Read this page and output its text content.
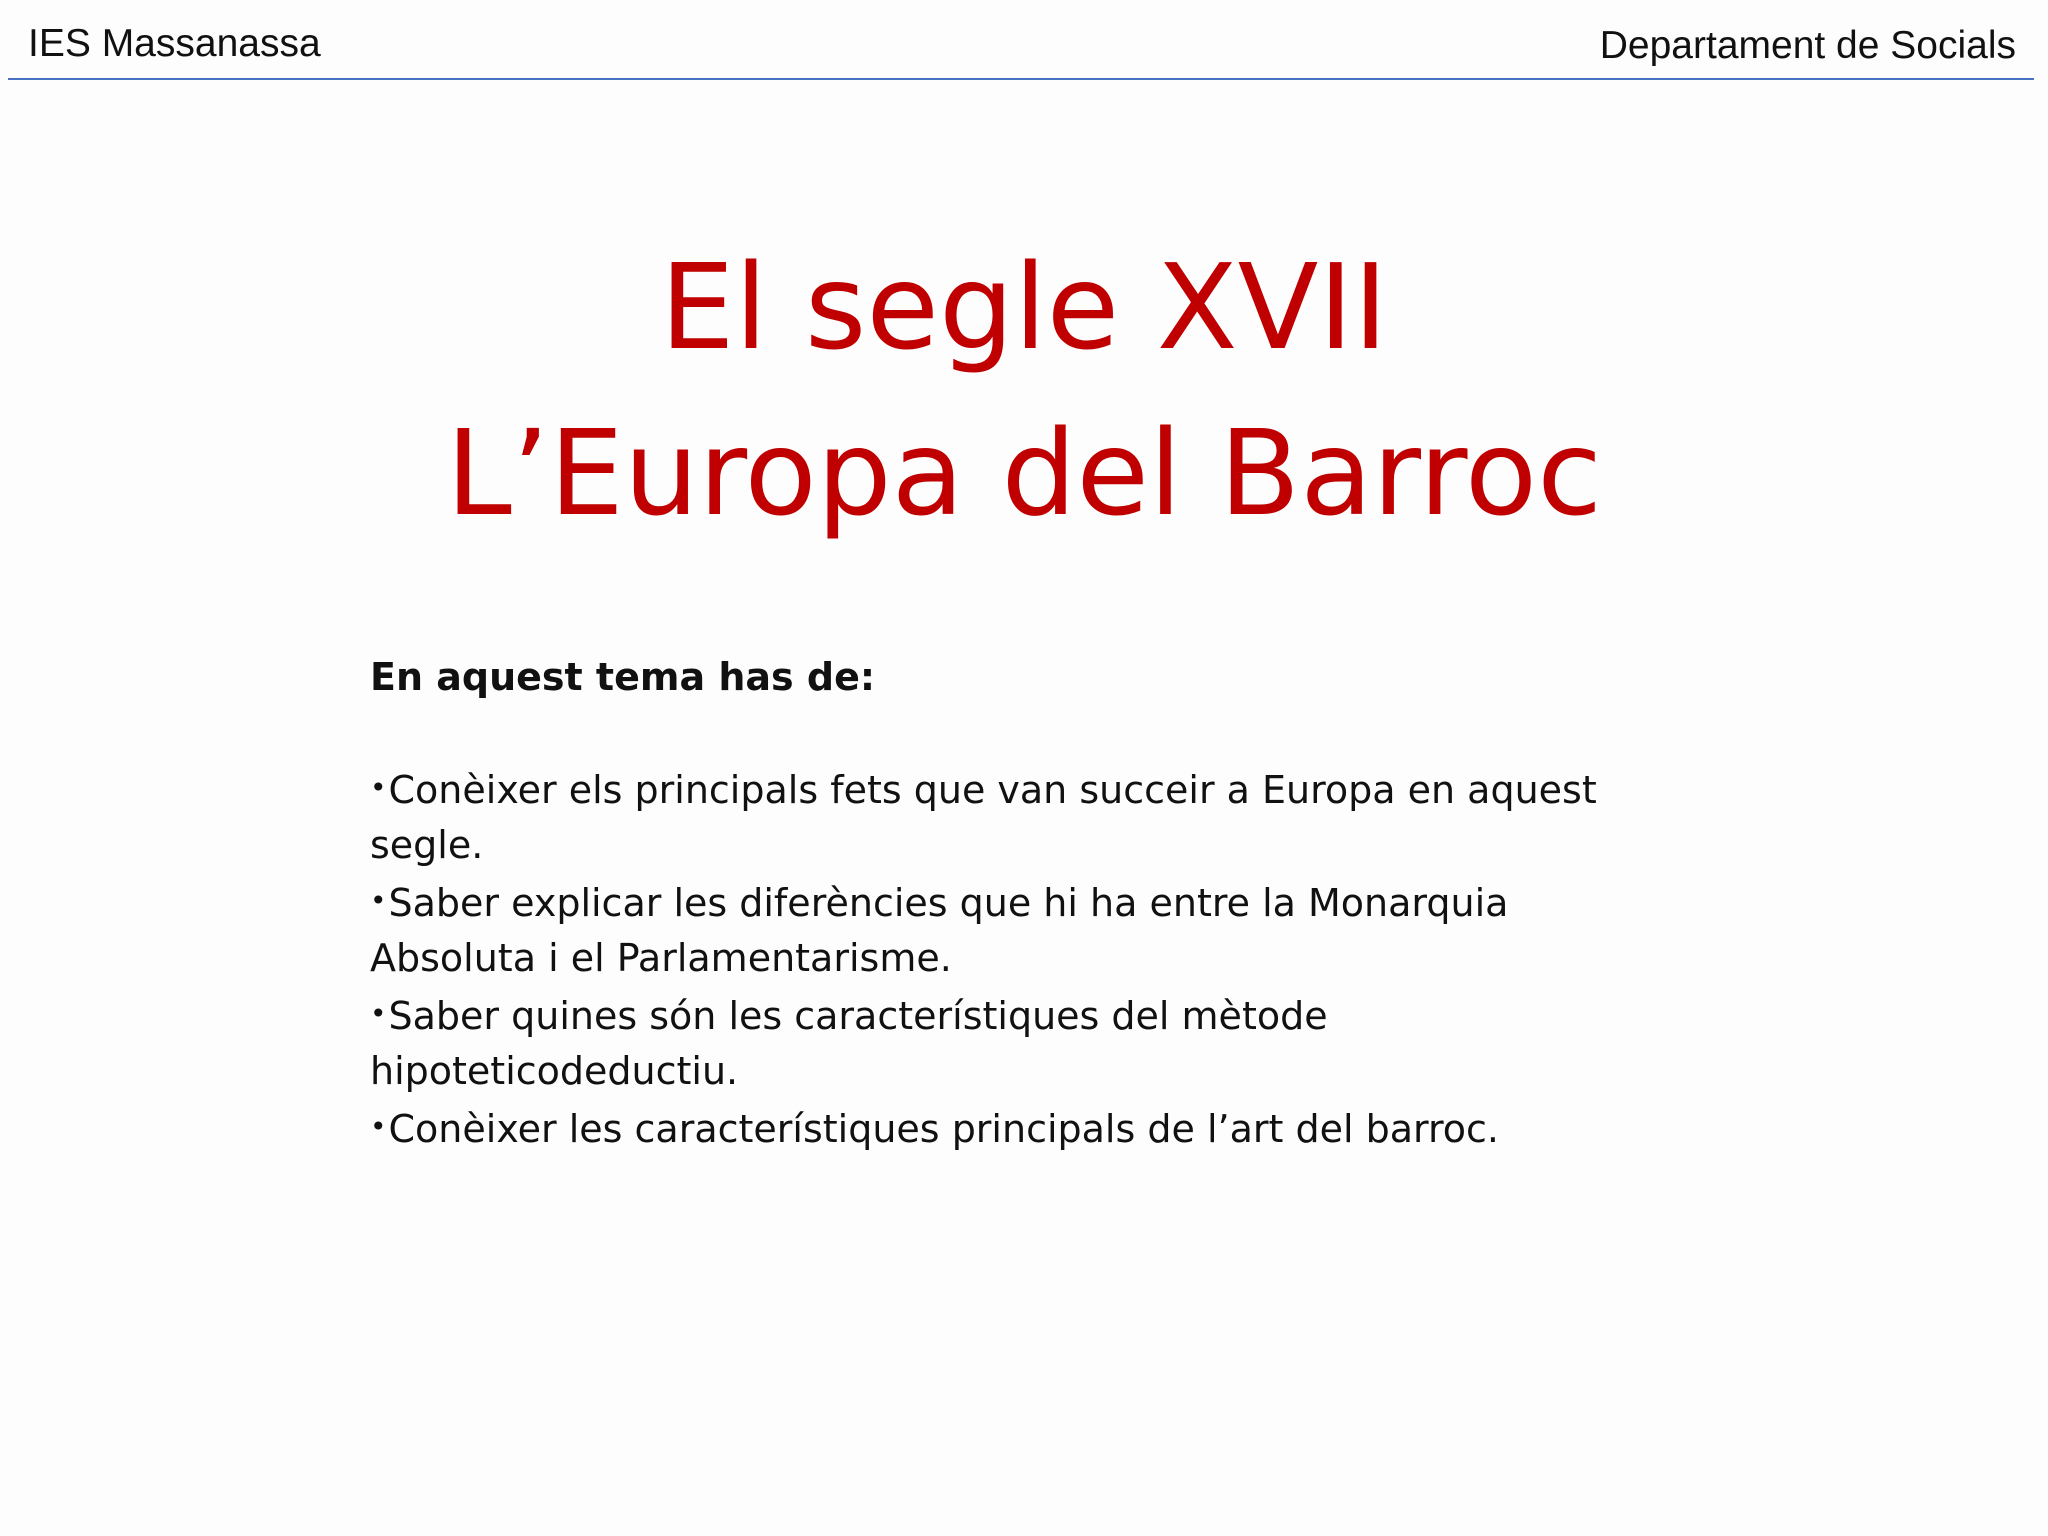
IES Massanassa	Departament de Socials
El segle XVII
L’Europa del Barroc

En aquest tema has de:

•Conèixer els principals fets que van succeir a Europa en aquest segle.
•Saber explicar les diferències que hi ha entre la Monarquia Absoluta i el Parlamentarisme.
•Saber quines són les característiques del mètode hipoteticodeductiu.
•Conèixer les característiques principals de l’art del barroc.
